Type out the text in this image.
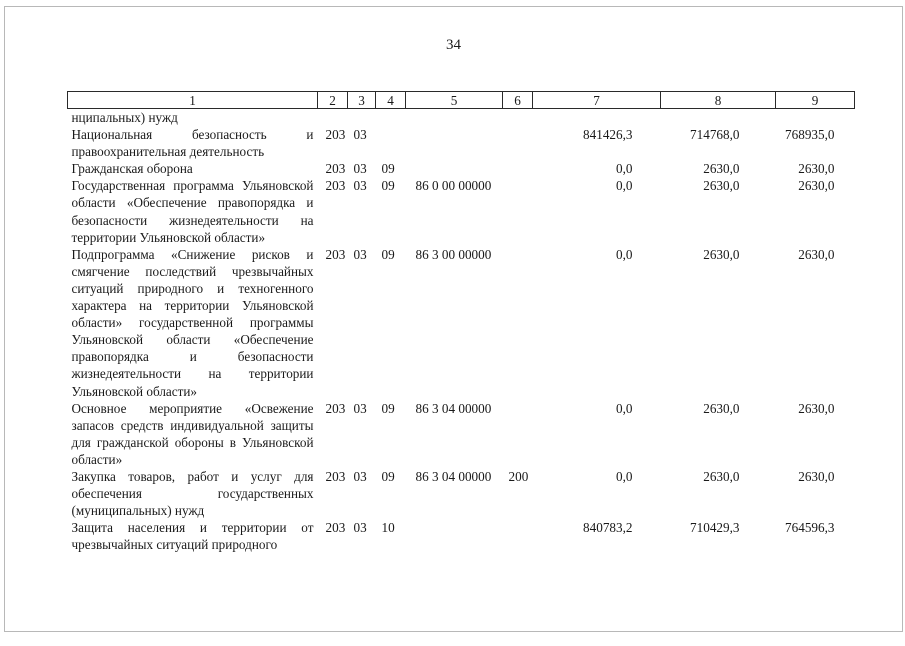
34
1	2	3	4	5	6	7	8	9
нципальных) нужд								
Национальная безопасность и правоохранительная деятельность	203	03				841426,3	714768,0	768935,0
Гражданская оборона	203	03	09			0,0	2630,0	2630,0
Государственная программа Ульяновской области «Обеспечение правопорядка и безопасности жизнедеятельности на территории Ульяновской области»	203	03	09	86 0 00 00000		0,0	2630,0	2630,0
Подпрограмма «Снижение рисков и смягчение последствий чрезвычайных ситуаций природного и техногенного характера на территории Ульяновской области» государственной программы Ульяновской области «Обеспечение правопорядка и безопасности жизнедеятельности на территории Ульяновской области»	203	03	09	86 3 00 00000		0,0	2630,0	2630,0
Основное мероприятие «Освежение запасов средств индивидуальной защиты для гражданской обороны в Ульяновской области»	203	03	09	86 3 04 00000		0,0	2630,0	2630,0
Закупка товаров, работ и услуг для обеспечения государственных (муниципальных) нужд	203	03	09	86 3 04 00000	200	0,0	2630,0	2630,0
Защита населения и территории от чрезвычайных ситуаций природного	203	03	10			840783,2	710429,3	764596,3
